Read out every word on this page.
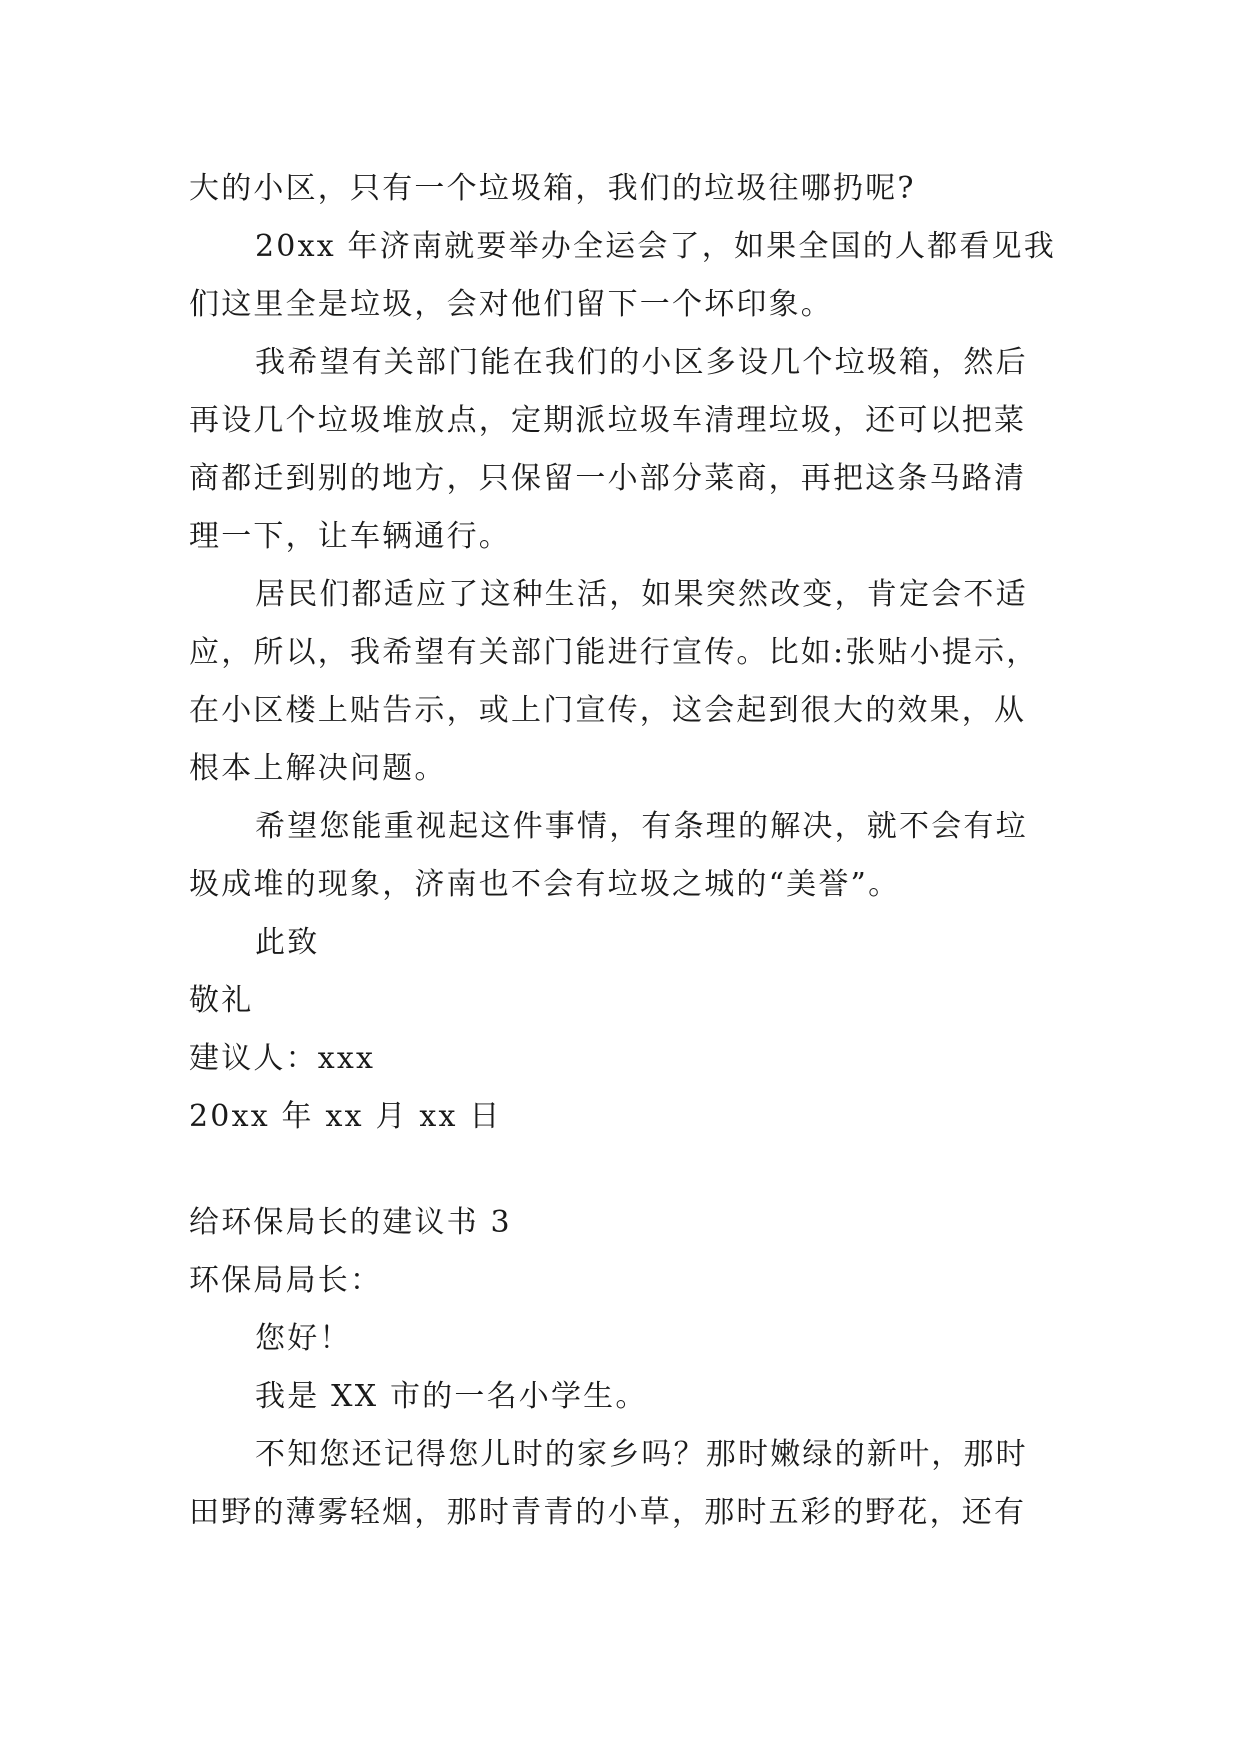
大的小区，只有一个垃圾箱，我们的垃圾往哪扔呢?
20xx 年济南就要举办全运会了，如果全国的人都看见我
们这里全是垃圾，会对他们留下一个坏印象。
我希望有关部门能在我们的小区多设几个垃圾箱，然后
再设几个垃圾堆放点，定期派垃圾车清理垃圾，还可以把菜
商都迁到别的地方，只保留一小部分菜商，再把这条马路清
理一下，让车辆通行。
居民们都适应了这种生活，如果突然改变，肯定会不适
应，所以，我希望有关部门能进行宣传。比如:张贴小提示，
在小区楼上贴告示，或上门宣传，这会起到很大的效果，从
根本上解决问题。
希望您能重视起这件事情，有条理的解决，就不会有垃
圾成堆的现象，济南也不会有垃圾之城的“美誉”。
此致
敬礼
建议人：xxx
20xx 年 xx 月 xx 日
给环保局长的建议书 3
环保局局长：
您好！
我是 XX 市的一名小学生。
不知您还记得您儿时的家乡吗？那时嫩绿的新叶，那时
田野的薄雾轻烟，那时青青的小草，那时五彩的野花，还有
